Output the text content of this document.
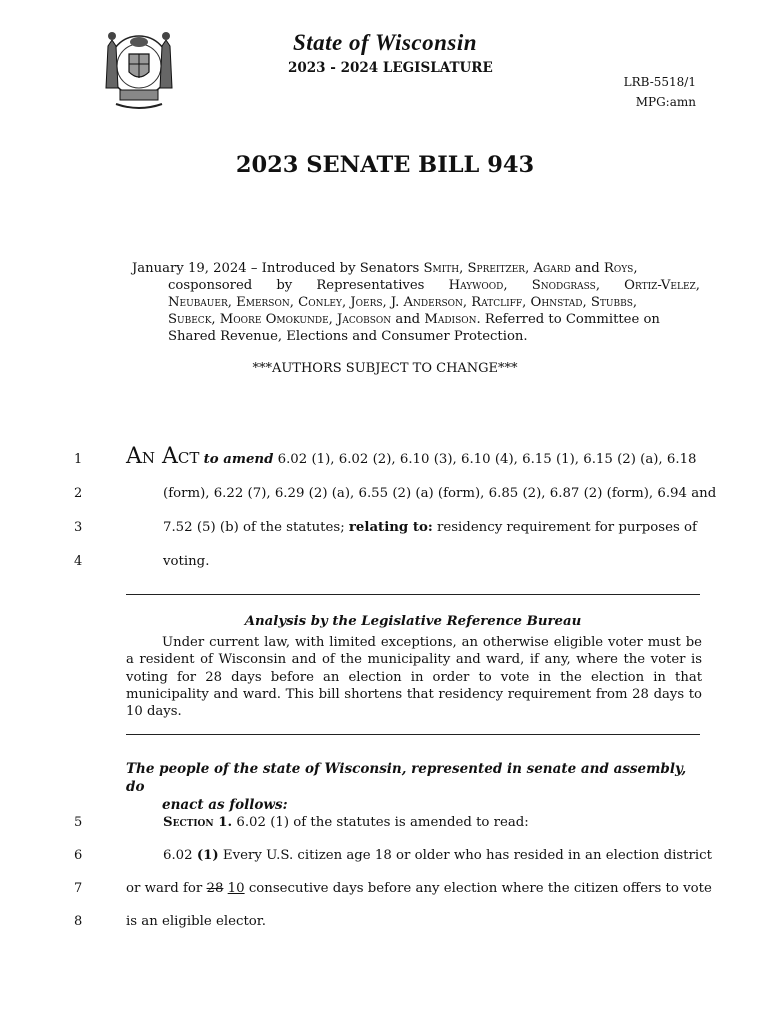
State of Wisconsin
2023 - 2024 LEGISLATURE
LRB-5518/1
MPG:amn
2023 SENATE BILL 943
January 19, 2024 – Introduced by Senators Smith, Spreitzer, Agard and Roys,
cosponsored by Representatives Haywood, Snodgrass, Ortiz-Velez,
Neubauer, Emerson, Conley, Joers, J. Anderson, Ratcliff, Ohnstad, Stubbs,
Subeck, Moore Omokunde, Jacobson and Madison. Referred to Committee on
Shared Revenue, Elections and Consumer Protection.
***AUTHORS SUBJECT TO CHANGE***
1 An Act to amend 6.02 (1), 6.02 (2), 6.10 (3), 6.10 (4), 6.15 (1), 6.15 (2) (a), 6.18
2	(form), 6.22 (7), 6.29 (2) (a), 6.55 (2) (a) (form), 6.85 (2), 6.87 (2) (form), 6.94 and
3	7.52 (5) (b) of the statutes; relating to: residency requirement for purposes of
4	voting.
Analysis by the Legislative Reference Bureau
Under current law, with limited exceptions, an otherwise eligible voter must be a resident of Wisconsin and of the municipality and ward, if any, where the voter is voting for 28 days before an election in order to vote in the election in that municipality and ward. This bill shortens that residency requirement from 28 days to 10 days.
The people of the state of Wisconsin, represented in senate and assembly, do
enact as follows:
5	Section 1. 6.02 (1) of the statutes is amended to read:
6	6.02 (1) Every U.S. citizen age 18 or older who has resided in an election district
7	or ward for 28 10 consecutive days before any election where the citizen offers to vote
8	is an eligible elector.
